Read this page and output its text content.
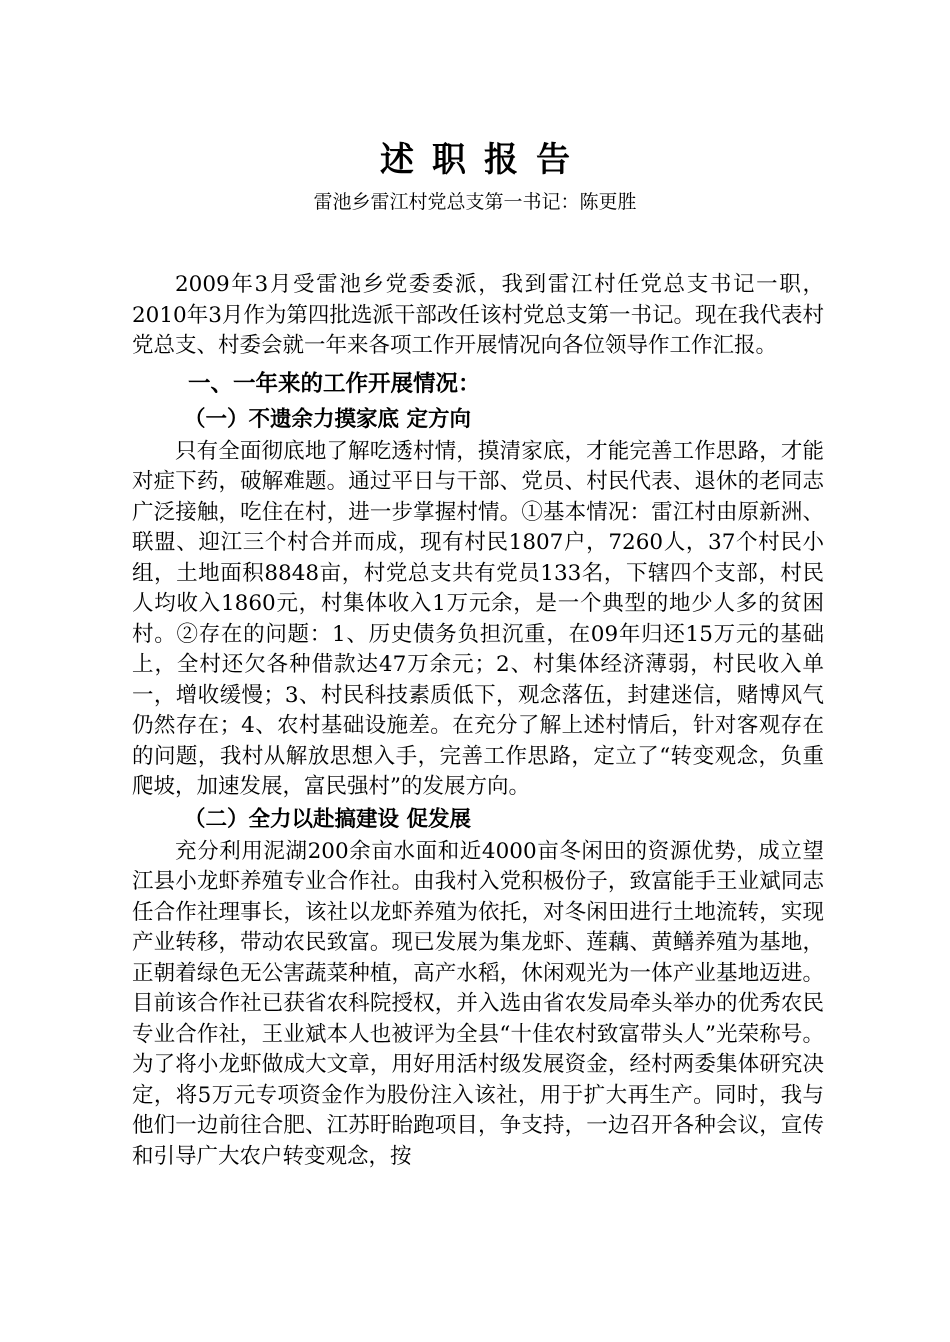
述职报告
雷池乡雷江村党总支第一书记：陈更胜

2009年3月受雷池乡党委委派，我到雷江村任党总支书记一职，2010年3月作为第四批选派干部改任该村党总支第一书记。现在我代表村党总支、村委会就一年来各项工作开展情况向各位领导作工作汇报。

一、一年来的工作开展情况：
（一）不遗余力摸家底 定方向

只有全面彻底地了解吃透村情，摸清家底，才能完善工作思路，才能对症下药，破解难题。通过平日与干部、党员、村民代表、退休的老同志广泛接触，吃住在村，进一步掌握村情。①基本情况：雷江村由原新洲、联盟、迎江三个村合并而成，现有村民1807户，7260人，37个村民小组，土地面积8848亩，村党总支共有党员133名，下辖四个支部，村民人均收入1860元，村集体收入1万元余，是一个典型的地少人多的贫困村。②存在的问题：1、历史债务负担沉重，在09年归还15万元的基础上，全村还欠各种借款达47万余元；2、村集体经济薄弱，村民收入单一，增收缓慢；3、村民科技素质低下，观念落伍，封建迷信，赌博风气仍然存在；4、农村基础设施差。在充分了解上述村情后，针对客观存在的问题，我村从解放思想入手，完善工作思路，定立了“转变观念，负重爬坡，加速发展，富民强村”的发展方向。

（二）全力以赴搞建设 促发展

充分利用泥湖200余亩水面和近4000亩冬闲田的资源优势，成立望江县小龙虾养殖专业合作社。由我村入党积极份子，致富能手王业斌同志任合作社理事长，该社以龙虾养殖为依托，对冬闲田进行土地流转，实现产业转移，带动农民致富。现已发展为集龙虾、莲藕、黄鳝养殖为基地，正朝着绿色无公害蔬菜种植，高产水稻，休闲观光为一体产业基地迈进。目前该合作社已获省农科院授权，并入选由省农发局牵头举办的优秀农民专业合作社，王业斌本人也被评为全县“十佳农村致富带头人”光荣称号。为了将小龙虾做成大文章，用好用活村级发展资金，经村两委集体研究决定，将5万元专项资金作为股份注入该社，用于扩大再生产。同时，我与他们一边前往合肥、江苏盱眙跑项目，争支持，一边召开各种会议，宣传和引导广大农户转变观念，按
